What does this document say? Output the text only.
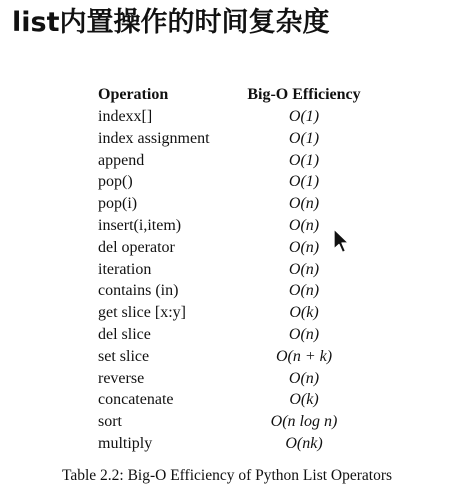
list内置操作的时间复杂度
Operation	Big-O Efficiency
indexx[]	O(1)
index assignment	O(1)
append	O(1)
pop()	O(1)
pop(i)	O(n)
insert(i,item)	O(n)
del operator	O(n)
iteration	O(n)
contains (in)	O(n)
get slice [x:y]	O(k)
del slice	O(n)
set slice	O(n + k)
reverse	O(n)
concatenate	O(k)
sort	O(n log n)
multiply	O(nk)

Table 2.2: Big-O Efficiency of Python List Operators
